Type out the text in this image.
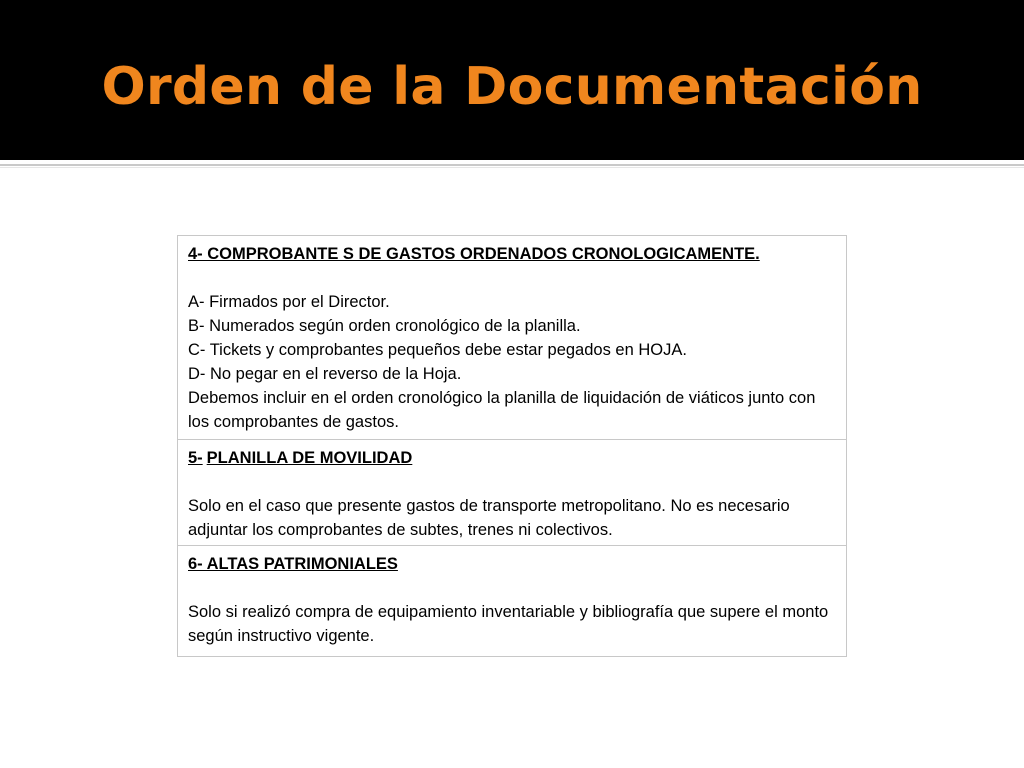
Orden de la Documentación
4- COMPROBANTE S DE GASTOS ORDENADOS CRONOLOGICAMENTE.
A- Firmados por el Director.
B- Numerados según orden cronológico de la planilla.
C- Tickets y comprobantes pequeños debe estar pegados en HOJA.
D- No pegar en el reverso de la Hoja.
Debemos incluir en el orden cronológico la planilla de liquidación de viáticos junto con los comprobantes de gastos.
5- PLANILLA DE MOVILIDAD
Solo en el caso que presente gastos de transporte metropolitano. No es necesario adjuntar los comprobantes de subtes, trenes ni colectivos.
6- ALTAS PATRIMONIALES
Solo si realizó compra de equipamiento inventariable y bibliografía que supere el monto según instructivo vigente.
